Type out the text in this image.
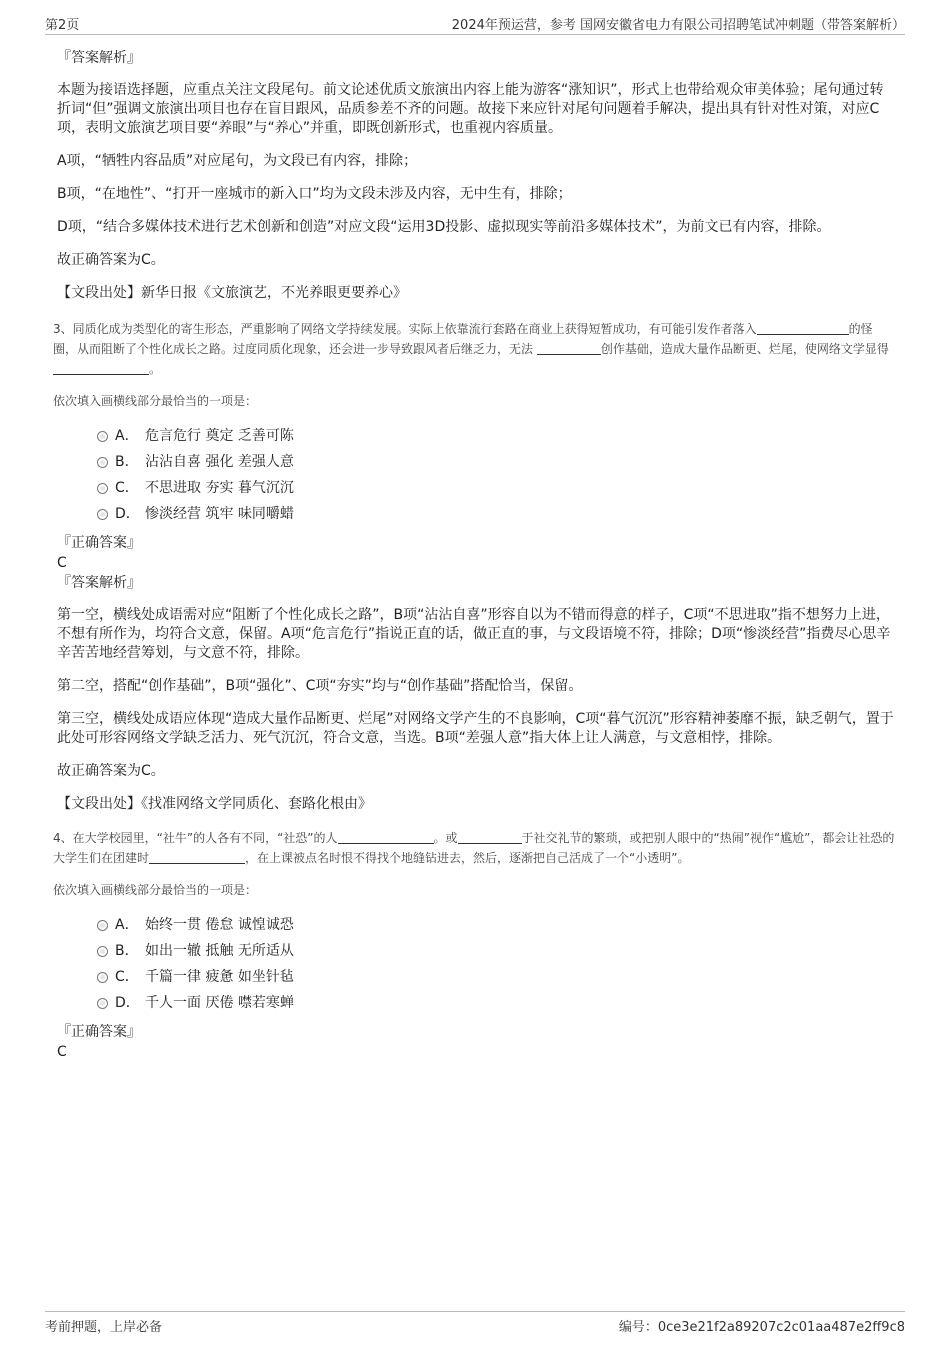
第2页	2024年预运营，参考 国网安徽省电力有限公司招聘笔试冲刺题（带答案解析）

『答案解析』

本题为接语选择题，应重点关注文段尾句。前文论述优质文旅演出内容上能为游客“涨知识”，形式上也带给观众审美体验；尾句通过转折词“但”强调文旅演出项目也存在盲目跟风，品质参差不齐的问题。故接下来应针对尾句问题着手解决，提出具有针对性对策，对应C项，表明文旅演艺项目要“养眼”与“养心”并重，即既创新形式，也重视内容质量。

A项，“牺牲内容品质”对应尾句，为文段已有内容，排除；

B项，“在地性”、“打开一座城市的新入口”均为文段未涉及内容，无中生有，排除；

D项，“结合多媒体技术进行艺术创新和创造”对应文段“运用3D投影、虚拟现实等前沿多媒体技术”，为前文已有内容，排除。

故正确答案为C。

【文段出处】新华日报《文旅演艺，不光养眼更要养心》

3、同质化成为类型化的寄生形态，严重影响了网络文学持续发展。实际上依靠流行套路在商业上获得短暂成功，有可能引发作者落入	的怪圈，从而阻断了个性化成长之路。过度同质化现象，还会进一步导致跟风者后继乏力，无法	创作基础，造成大量作品断更、烂尾，使网络文学显得 。

依次填入画横线部分最恰当的一项是：

A． 危言危行 奠定 乏善可陈
B． 沾沾自喜 强化 差强人意
C． 不思进取 夯实 暮气沉沉
D． 惨淡经营 筑牢 味同嚼蜡

『正确答案』

C

『答案解析』

第一空，横线处成语需对应“阻断了个性化成长之路”，B项“沾沾自喜”形容自以为不错而得意的样子，C项“不思进取”指不想努力上进，不想有所作为，均符合文意，保留。A项“危言危行”指说正直的话，做正直的事，与文段语境不符，排除；D项“惨淡经营”指费尽心思辛辛苦苦地经营筹划，与文意不符，排除。

第二空，搭配“创作基础”，B项“强化”、C项“夯实”均与“创作基础”搭配恰当，保留。

第三空，横线处成语应体现“造成大量作品断更、烂尾”对网络文学产生的不良影响，C项“暮气沉沉”形容精神萎靡不振，缺乏朝气，置于此处可形容网络文学缺乏活力、死气沉沉，符合文意，当选。B项“差强人意”指大体上让人满意，与文意相悖，排除。

故正确答案为C。

【文段出处】《找准网络文学同质化、套路化根由》

4、在大学校园里，“社牛”的人各有不同，“社恐”的人	。或	于社交礼节的繁琐，或把别人眼中的“热闹”视作“尴尬”，都会让社恐的大学生们在团建时	，在上课被点名时恨不得找个地缝钻进去，然后，逐渐把自己活成了一个“小透明”。

依次填入画横线部分最恰当的一项是：

A． 始终一贯 倦怠 诚惶诚恐
B． 如出一辙 抵触 无所适从
C． 千篇一律 疲惫 如坐针毡
D． 千人一面 厌倦 噤若寒蝉

『正确答案』

C

考前押题，上岸必备	编号：0ce3e21f2a89207c2c01aa487e2ff9c8
